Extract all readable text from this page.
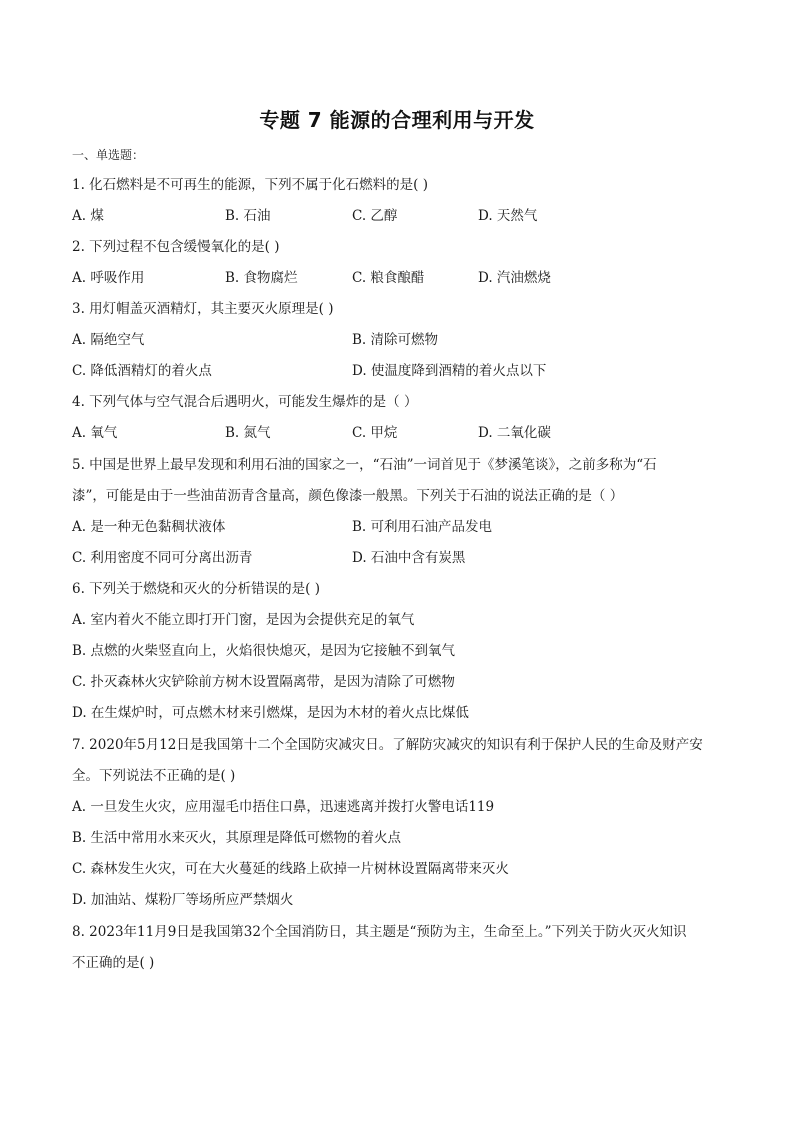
专题 7 能源的合理利用与开发
一、单选题：
1. 化石燃料是不可再生的能源，下列不属于化石燃料的是( )
A. 煤	B. 石油	C. 乙醇	D. 天然气
2. 下列过程不包含缓慢氧化的是( )
A. 呼吸作用	B. 食物腐烂	C. 粮食酿醋	D. 汽油燃烧
3. 用灯帽盖灭酒精灯，其主要灭火原理是( )
A. 隔绝空气	B. 清除可燃物
C. 降低酒精灯的着火点	D. 使温度降到酒精的着火点以下
4. 下列气体与空气混合后遇明火，可能发生爆炸的是（ ）
A. 氧气	B. 氮气	C. 甲烷	D. 二氧化碳
5. 中国是世界上最早发现和利用石油的国家之一，“石油”一词首见于《梦溪笔谈》，之前多称为“石
漆”，可能是由于一些油苗沥青含量高，颜色像漆一般黑。下列关于石油的说法正确的是（ ）
A. 是一种无色黏稠状液体	B. 可利用石油产品发电
C. 利用密度不同可分离出沥青	D. 石油中含有炭黑
6. 下列关于燃烧和灭火的分析错误的是( )
A. 室内着火不能立即打开门窗，是因为会提供充足的氧气
B. 点燃的火柴竖直向上，火焰很快熄灭，是因为它接触不到氧气
C. 扑灭森林火灾铲除前方树木设置隔离带，是因为清除了可燃物
D. 在生煤炉时，可点燃木材来引燃煤，是因为木材的着火点比煤低
7. 2020年5月12日是我国第十二个全国防灾减灾日。了解防灾减灾的知识有利于保护人民的生命及财产安
全。下列说法不正确的是( )
A. 一旦发生火灾，应用湿毛巾捂住口鼻，迅速逃离并拨打火警电话119
B. 生活中常用水来灭火，其原理是降低可燃物的着火点
C. 森林发生火灾，可在大火蔓延的线路上砍掉一片树林设置隔离带来灭火
D. 加油站、煤粉厂等场所应严禁烟火
8. 2023年11月9日是我国第32个全国消防日，其主题是“预防为主，生命至上。”下列关于防火灭火知识
不正确的是( )
